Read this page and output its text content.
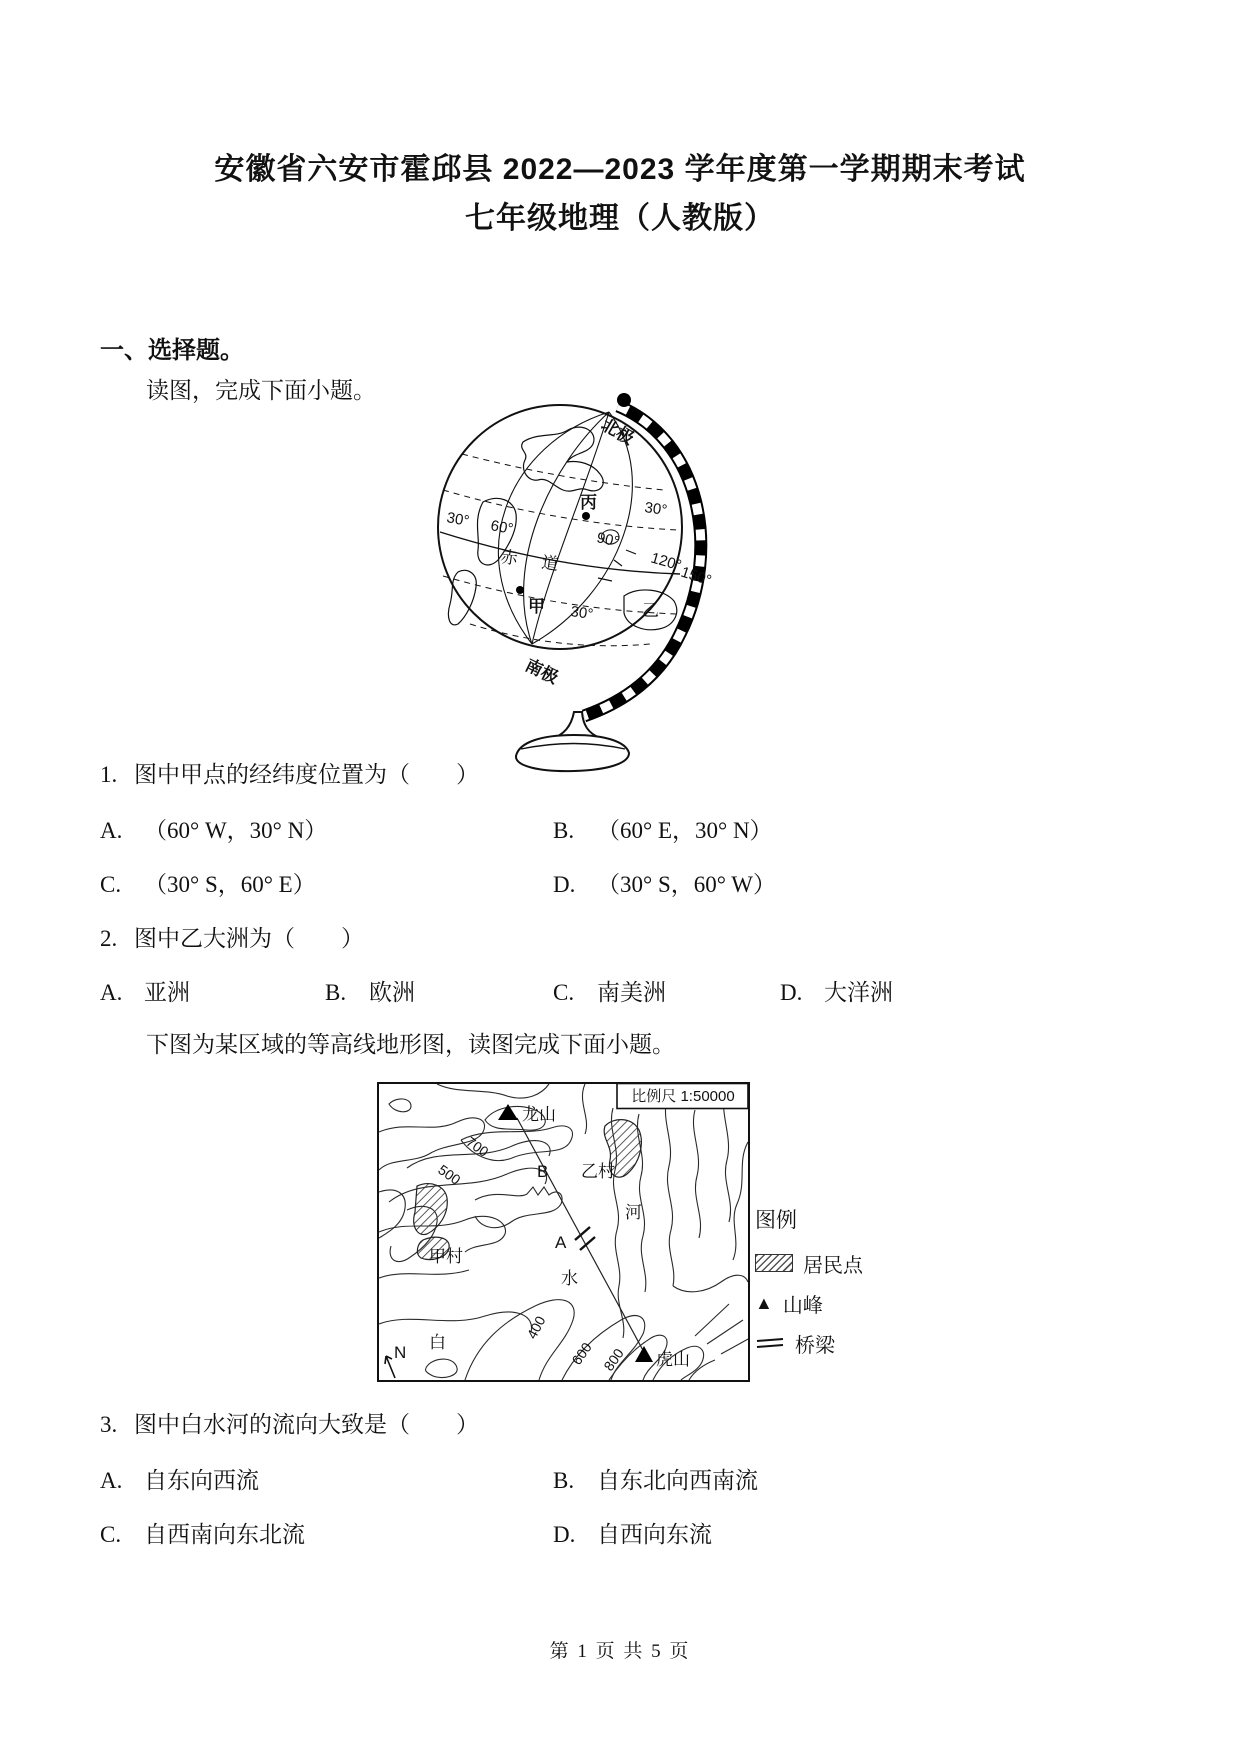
安徽省六安市霍邱县 2022—2023 学年度第一学期期末考试
七年级地理（人教版）
一、选择题。
读图，完成下面小题。
北极
南极
30° 60°
90°
120°
150°
30°
30°
赤 道
丙
甲	乙
1. 图中甲点的经纬度位置为（　　）
A. （60° W，30° N）	B. （60° E，30° N）
C. （30° S，60° E）	D. （30° S，60° W）
2. 图中乙大洲为（　　）
A. 亚洲	B. 欧洲	C. 南美洲	D. 大洋洲
下图为某区域的等高线地形图，读图完成下面小题。
比例尺 1:50000
龙山
虎山
B 乙村
河
A
水
甲村
白
N
700
500
400
600 800
图例
居民点
▲ 山峰
桥梁
3. 图中白水河的流向大致是（　　）
A. 自东向西流	B. 自东北向西南流
C. 自西南向东北流	D. 自西向东流
第 1 页 共 5 页
